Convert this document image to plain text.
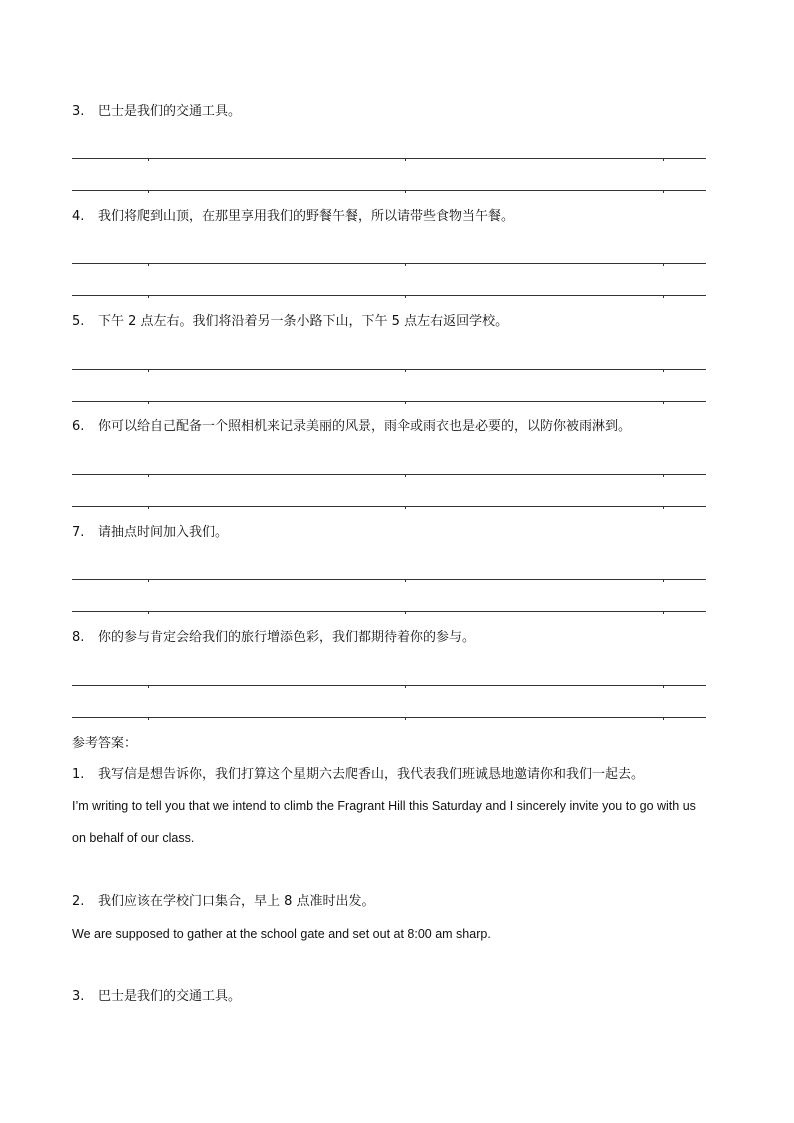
3. 巴士是我们的交通工具。
4. 我们将爬到山顶，在那里享用我们的野餐午餐，所以请带些食物当午餐。
5. 下午 2 点左右。我们将沿着另一条小路下山，下午 5 点左右返回学校。
6. 你可以给自己配备一个照相机来记录美丽的风景，雨伞或雨衣也是必要的，以防你被雨淋到。
7. 请抽点时间加入我们。
8. 你的参与肯定会给我们的旅行增添色彩，我们都期待着你的参与。
参考答案：
1. 我写信是想告诉你，我们打算这个星期六去爬香山，我代表我们班诚恳地邀请你和我们一起去。
I’m writing to tell you that we intend to climb the Fragrant Hill this Saturday and I sincerely invite you to go with us on behalf of our class.
2. 我们应该在学校门口集合，早上 8 点准时出发。
We are supposed to gather at the school gate and set out at 8:00 am sharp.
3. 巴士是我们的交通工具。
